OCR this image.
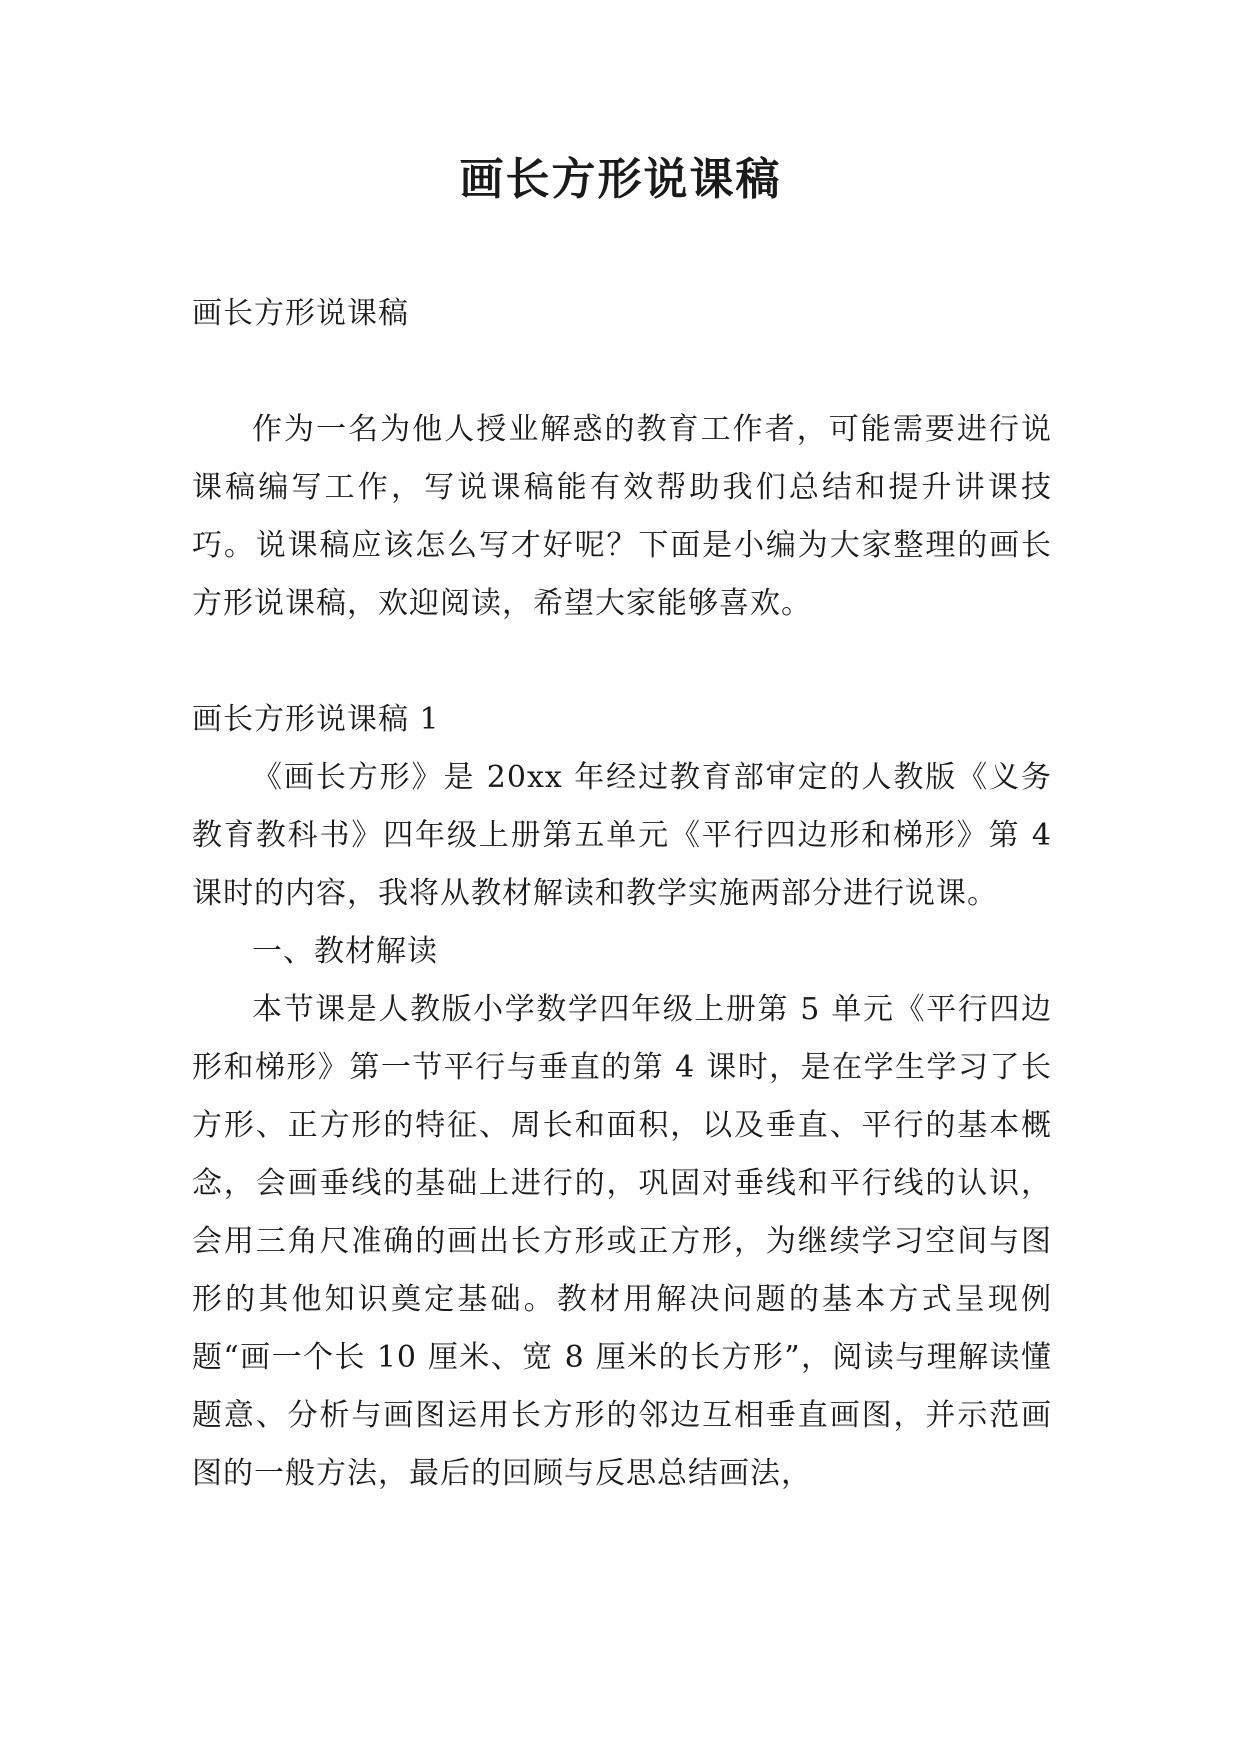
画长方形说课稿

画长方形说课稿

作为一名为他人授业解惑的教育工作者，可能需要进行说课稿编写工作，写说课稿能有效帮助我们总结和提升讲课技巧。说课稿应该怎么写才好呢？下面是小编为大家整理的画长方形说课稿，欢迎阅读，希望大家能够喜欢。

画长方形说课稿 1

《画长方形》是 20xx 年经过教育部审定的人教版《义务教育教科书》四年级上册第五单元《平行四边形和梯形》第 4 课时的内容，我将从教材解读和教学实施两部分进行说课。

一、教材解读

本节课是人教版小学数学四年级上册第 5 单元《平行四边形和梯形》第一节平行与垂直的第 4 课时，是在学生学习了长方形、正方形的特征、周长和面积，以及垂直、平行的基本概念，会画垂线的基础上进行的，巩固对垂线和平行线的认识，会用三角尺准确的画出长方形或正方形，为继续学习空间与图形的其他知识奠定基础。教材用解决问题的基本方式呈现例题“画一个长 10 厘米、宽 8 厘米的长方形”，阅读与理解读懂题意、分析与画图运用长方形的邻边互相垂直画图，并示范画图的一般方法，最后的回顾与反思总结画法，
